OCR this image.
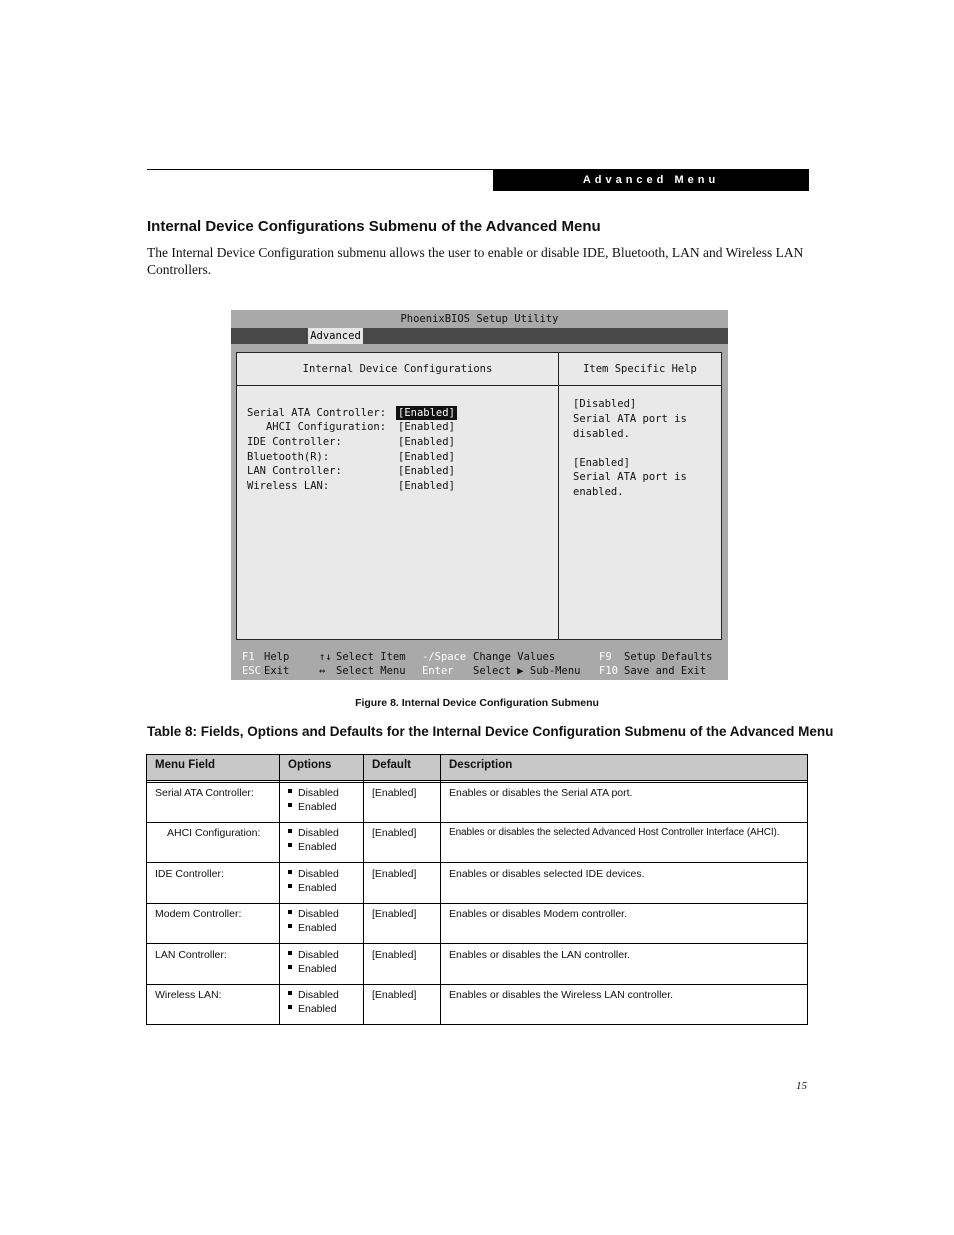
Advanced Menu
Internal Device Configurations Submenu of the Advanced Menu
The Internal Device Configuration submenu allows the user to enable or disable IDE, Bluetooth, LAN and Wireless LAN Controllers.
PhoenixBIOS Setup Utility
Advanced
Internal Device Configurations	Item Specific Help
Serial ATA Controller: [Enabled]
AHCI Configuration: [Enabled]
IDE Controller:	[Enabled]
Bluetooth(R):	[Enabled]
LAN Controller:	[Enabled]
Wireless LAN:	[Enabled]
[Disabled]
Serial ATA port is
disabled.
[Enabled]
Serial ATA port is
enabled.
F1 Help	↑↓ Select Item -/Space Change Values	F9 Setup Defaults
ESC Exit	↔ Select Menu Enter Select ▶ Sub-Menu F10 Save and Exit
Figure 8. Internal Device Configuration Submenu
Table 8: Fields, Options and Defaults for the Internal Device Configuration Submenu of the Advanced Menu
Menu Field	Options	Default	Description
Serial ATA Controller:	Disabled
Enabled
[Enabled]	Enables or disables the Serial ATA port.
AHCI Configuration:	Disabled
Enabled
[Enabled]	Enables or disables the selected Advanced Host Controller Interface (AHCI).
IDE Controller:	Disabled
Enabled
[Enabled]	Enables or disables selected IDE devices.
Modem Controller:	Disabled
Enabled
[Enabled]	Enables or disables Modem controller.
LAN Controller:	Disabled
Enabled
[Enabled]	Enables or disables the LAN controller.
Wireless LAN:	Disabled
Enabled
[Enabled]	Enables or disables the Wireless LAN controller.
15
